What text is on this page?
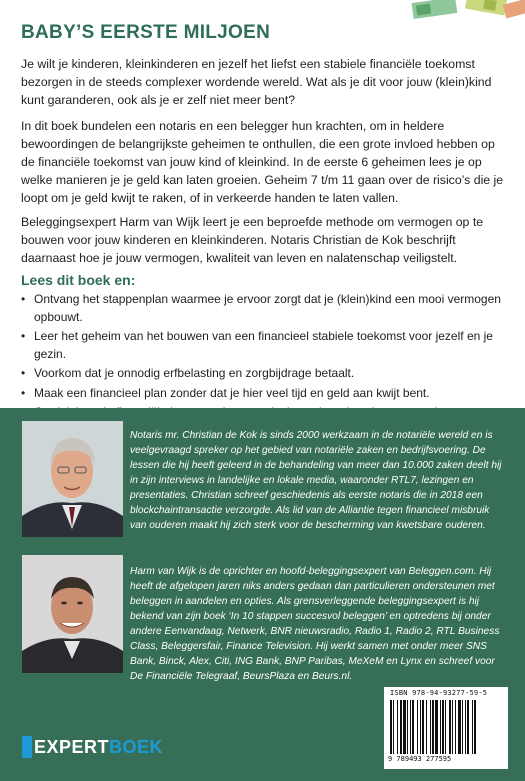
BABY’S EERSTE MILJOEN

Je wilt je kinderen, kleinkinderen en jezelf het liefst een stabiele financiële toekomst bezorgen in de steeds complexer wordende wereld. Wat als je dit voor jouw (klein)kind kunt garanderen, ook als je er zelf niet meer bent?

In dit boek bundelen een notaris en een belegger hun krachten, om in heldere bewoordingen de belangrijkste geheimen te onthullen, die een grote invloed hebben op de financiële toekomst van jouw kind of kleinkind. In de eerste 6 geheimen lees je op welke manieren je je geld kan laten groeien. Geheim 7 t/m 11 gaan over de risico’s die je loopt om je geld kwijt te raken, of in verkeerde handen te laten vallen.

Beleggingsexpert Harm van Wijk leert je een beproefde methode om vermogen op te bouwen voor jouw kinderen en kleinkinderen. Notaris Christian de Kok beschrijft daarnaast hoe je jouw vermogen, kwaliteit van leven en nalatenschap veiligstelt.

Lees dit boek en:
• Ontvang het stappenplan waarmee je ervoor zorgt dat je (klein)kind een mooi vermogen opbouwt.
• Leer het geheim van het bouwen van een financieel stabiele toekomst voor jezelf en je gezin.
• Voorkom dat je onnodig erfbelasting en zorgbijdrage betaalt.
• Maak een financieel plan zonder dat je hier veel tijd en geld aan kwijt bent.

Notaris mr. Christian de Kok is sinds 2000 werkzaam in de notariële wereld en is veelgevraagd spreker op het gebied van notariële zaken en bedrijfsvoering. De lessen die hij heeft geleerd in de behandeling van meer dan 10.000 zaken deelt hij in zijn interviews in landelijke en lokale media, waaronder RTL7, lezingen en presentaties. Christian schreef geschiedenis als eerste notaris die in 2018 een blockchaintransactie verzorgde. Als lid van de Alliantie tegen financieel misbruik van ouderen maakt hij zich sterk voor de bescherming van kwetsbare ouderen.

Harm van Wijk is de oprichter en hoofd-beleggingsexpert van Beleggen.com. Hij heeft de afgelopen jaren niks anders gedaan dan particulieren ondersteunen met beleggen in aandelen en opties. Als grensverleggende beleggingsexpert is hij bekend van zijn boek ‘In 10 stappen succesvol beleggen’ en optredens bij onder andere Eenvandaag, Netwerk, BNR nieuwsradio, Radio 1, Radio 2, RTL Business Class, Beleggersfair, Finance Television. Hij werkt samen met onder meer SNS Bank, Binck, Alex, Citi, ING Bank, BNP Paribas, MeXeM en Lynx en schreef voor De Financiële Telegraaf, BeursPlaza en Beurs.nl.

ISBN 978-94-93277-59-5
9 789493 277595
EXPERT BOEK
